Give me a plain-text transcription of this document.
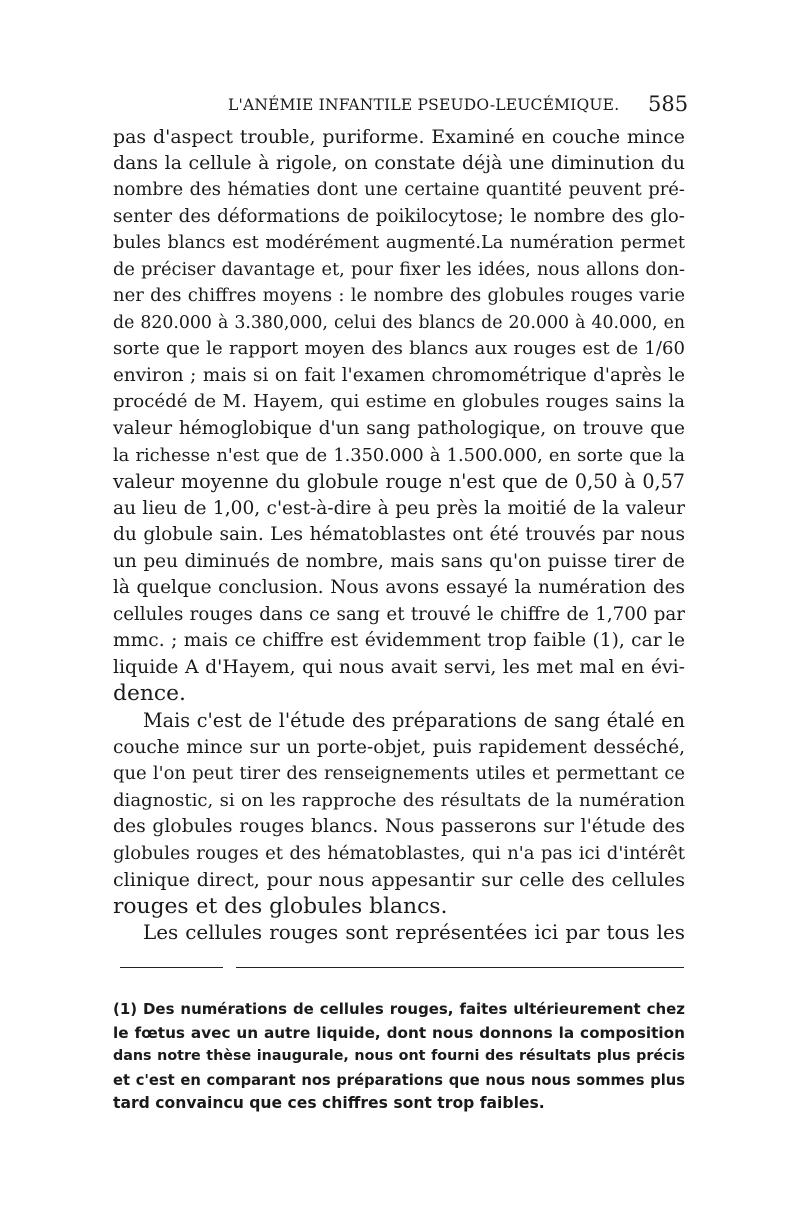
L'ANÉMIE INFANTILE PSEUDO-LEUCÉMIQUE.	585
pas d'aspect trouble, puriforme. Examiné en couche mince
dans la cellule à rigole, on constate déjà une diminution du
nombre des hématies dont une certaine quantité peuvent pré-
senter des déformations de poikilocytose; le nombre des glo-
bules blancs est modérément augmenté.La numération permet
de préciser davantage et, pour fixer les idées, nous allons don-
ner des chiffres moyens : le nombre des globules rouges varie
de 820.000 à 3.380,000, celui des blancs de 20.000 à 40.000, en
sorte que le rapport moyen des blancs aux rouges est de 1/60
environ ; mais si on fait l'examen chromométrique d'après le
procédé de M. Hayem, qui estime en globules rouges sains la
valeur hémoglobique d'un sang pathologique, on trouve que
la richesse n'est que de 1.350.000 à 1.500.000, en sorte que la
valeur moyenne du globule rouge n'est que de 0,50 à 0,57
au lieu de 1,00, c'est-à-dire à peu près la moitié de la valeur
du globule sain. Les hématoblastes ont été trouvés par nous
un peu diminués de nombre, mais sans qu'on puisse tirer de
là quelque conclusion. Nous avons essayé la numération des
cellules rouges dans ce sang et trouvé le chiffre de 1,700 par
mmc. ; mais ce chiffre est évidemment trop faible (1), car le
liquide A d'Hayem, qui nous avait servi, les met mal en évi-
dence.
Mais c'est de l'étude des préparations de sang étalé en
couche mince sur un porte-objet, puis rapidement desséché,
que l'on peut tirer des renseignements utiles et permettant ce
diagnostic, si on les rapproche des résultats de la numération
des globules rouges blancs. Nous passerons sur l'étude des
globules rouges et des hématoblastes, qui n'a pas ici d'intérêt
clinique direct, pour nous appesantir sur celle des cellules
rouges et des globules blancs.
Les cellules rouges sont représentées ici par tous les
(1) Des numérations de cellules rouges, faites ultérieurement chez
le fœtus avec un autre liquide, dont nous donnons la composition
dans notre thèse inaugurale, nous ont fourni des résultats plus précis
et c'est en comparant nos préparations que nous nous sommes plus
tard convaincu que ces chiffres sont trop faibles.
